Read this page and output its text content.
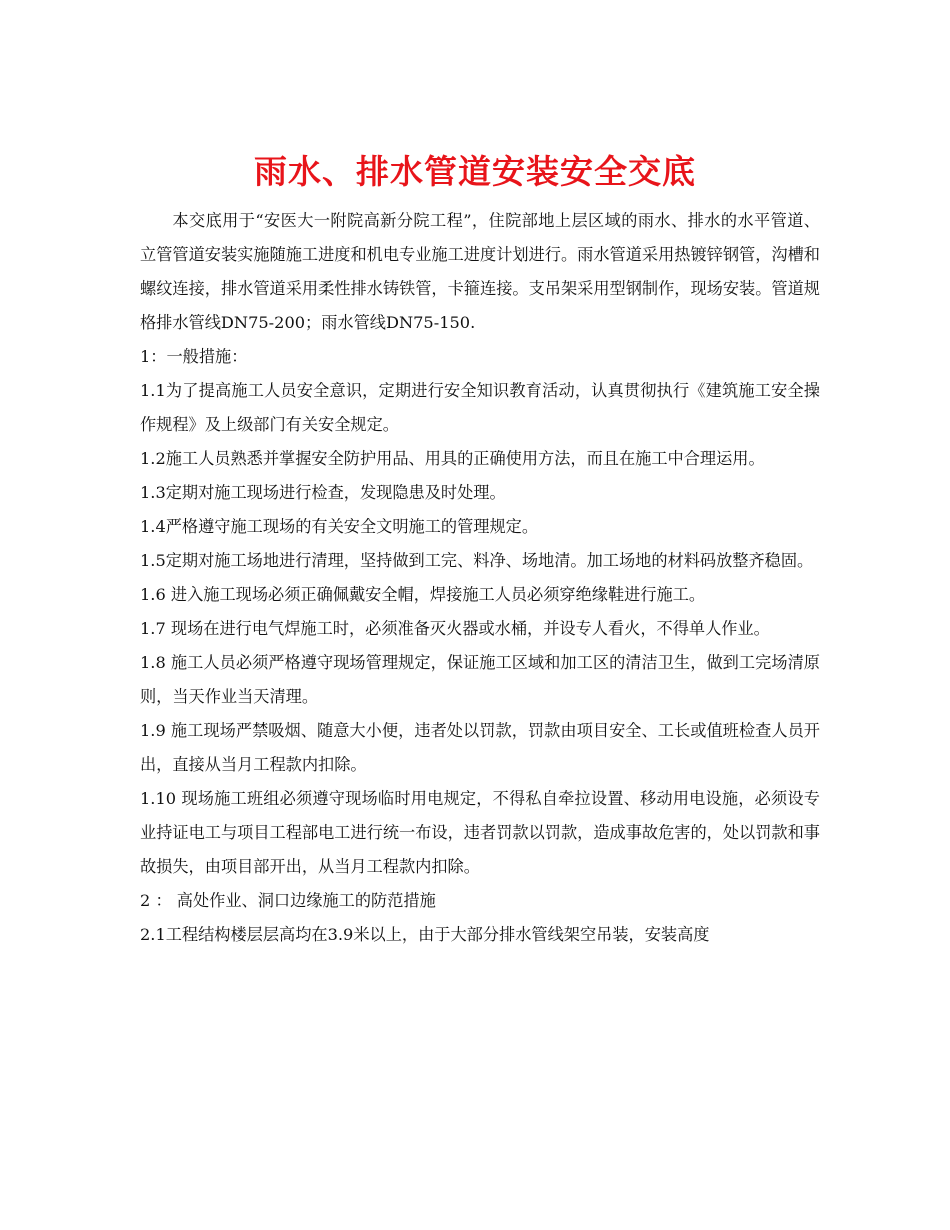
雨水、排水管道安装安全交底

本交底用于“安医大一附院高新分院工程”，住院部地上层区域的雨水、排水的水平管道、立管管道安装实施随施工进度和机电专业施工进度计划进行。雨水管道采用热镀锌钢管，沟槽和螺纹连接，排水管道采用柔性排水铸铁管，卡箍连接。支吊架采用型钢制作，现场安装。管道规格排水管线DN75-200；雨水管线DN75-150.

1：一般措施：

1.1为了提高施工人员安全意识，定期进行安全知识教育活动，认真贯彻执行《建筑施工安全操作规程》及上级部门有关安全规定。

1.2施工人员熟悉并掌握安全防护用品、用具的正确使用方法，而且在施工中合理运用。

1.3定期对施工现场进行检查，发现隐患及时处理。

1.4严格遵守施工现场的有关安全文明施工的管理规定。

1.5定期对施工场地进行清理，坚持做到工完、料净、场地清。加工场地的材料码放整齐稳固。

1.6 进入施工现场必须正确佩戴安全帽，焊接施工人员必须穿绝缘鞋进行施工。

1.7 现场在进行电气焊施工时，必须准备灭火器或水桶，并设专人看火，不得单人作业。

1.8 施工人员必须严格遵守现场管理规定，保证施工区域和加工区的清洁卫生，做到工完场清原则，当天作业当天清理。

1.9 施工现场严禁吸烟、随意大小便，违者处以罚款，罚款由项目安全、工长或值班检查人员开出，直接从当月工程款内扣除。

1.10 现场施工班组必须遵守现场临时用电规定，不得私自牵拉设置、移动用电设施，必须设专业持证电工与项目工程部电工进行统一布设，违者罚款以罚款，造成事故危害的，处以罚款和事故损失，由项目部开出，从当月工程款内扣除。

2 ： 高处作业、洞口边缘施工的防范措施

2.1工程结构楼层层高均在3.9米以上，由于大部分排水管线架空吊装，安装高度
